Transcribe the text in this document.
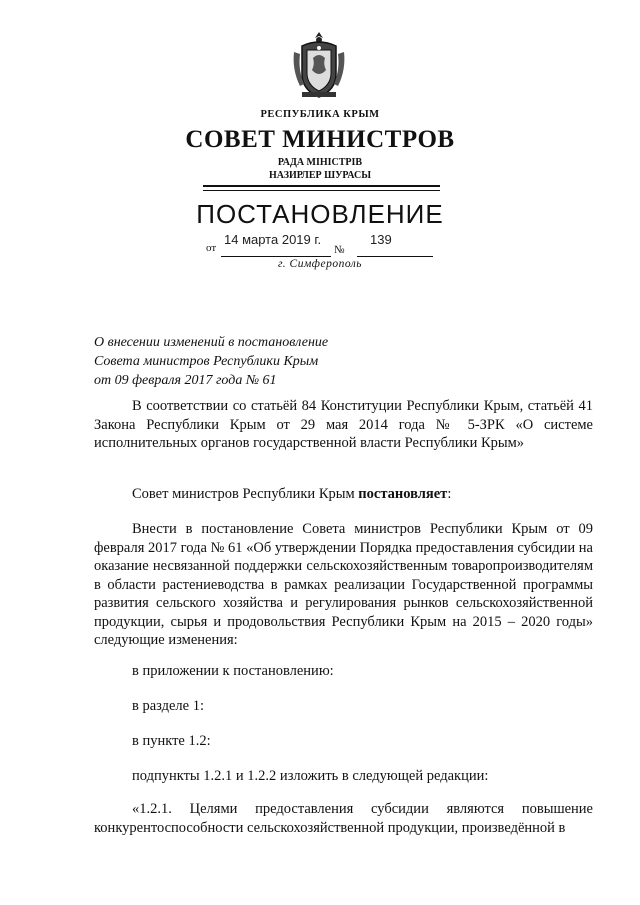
РЕСПУБЛИКА КРЫМ
СОВЕТ МИНИСТРОВ
РАДА МІНІСТРІВ
НАЗИРЛЕР ШУРАСЫ
ПОСТАНОВЛЕНИЕ
от
14 марта 2019 г.
№
139
г. Симферополь
О внесении изменений в постановление
Совета министров Республики Крым
от 09 февраля 2017 года № 61
В соответствии со статьёй 84 Конституции Республики Крым, статьёй 41 Закона Республики Крым от 29 мая 2014 года № 5-ЗРК «О системе исполнительных органов государственной власти Республики Крым»
Совет министров Республики Крым постановляет:
Внести в постановление Совета министров Республики Крым от 09 февраля 2017 года № 61 «Об утверждении Порядка предоставления субсидии на оказание несвязанной поддержки сельскохозяйственным товаропроизводителям в области растениеводства в рамках реализации Государственной программы развития сельского хозяйства и регулирования рынков сельскохозяйственной продукции, сырья и продовольствия Республики Крым на 2015 – 2020 годы» следующие изменения:
в приложении к постановлению:
в разделе 1:
в пункте 1.2:
подпункты 1.2.1 и 1.2.2 изложить в следующей редакции:
«1.2.1. Целями предоставления субсидии являются повышение конкурентоспособности сельскохозяйственной продукции, произведённой в
